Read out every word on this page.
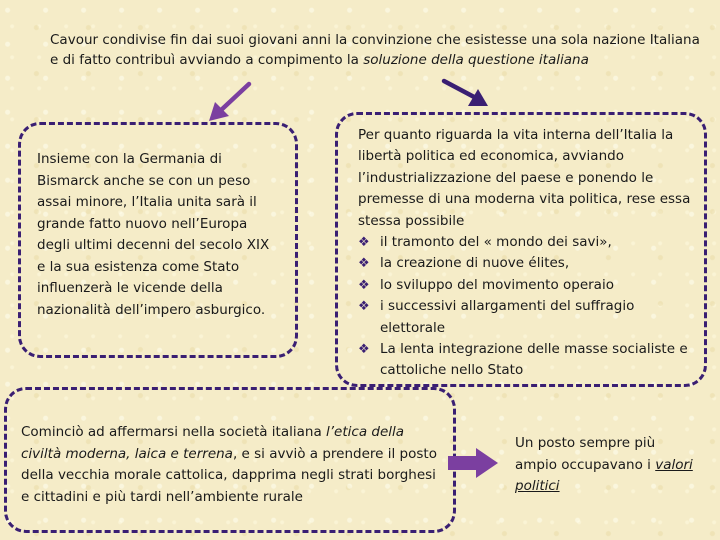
Cavour condivise fin dai suoi giovani anni la convinzione che esistesse una sola nazione Italiana e di fatto contribuì avviando a compimento la soluzione della questione italiana

Insieme con la Germania di Bismarck anche se con un peso assai minore, l’Italia unita sarà il grande fatto nuovo nell’Europa degli ultimi decenni del secolo XIX e la sua esistenza come Stato influenzerà le vicende della nazionalità dell’impero asburgico.

Per quanto riguarda la vita interna dell’Italia la libertà politica ed economica, avviando l’industrializzazione del paese e ponendo le premesse di una moderna vita politica, rese essa stessa possibile

❖ il tramonto del « mondo dei savi»,
❖ la creazione di nuove élites,
❖ lo sviluppo del movimento operaio
❖ i successivi allargamenti del suffragio elettorale
❖ La lenta integrazione delle masse socialiste e cattoliche nello Stato

Cominciò ad affermarsi nella società italiana l’etica della civiltà moderna, laica e terrena, e si avviò a prendere il posto della vecchia morale cattolica, dapprima negli strati borghesi e cittadini e più tardi nell’ambiente rurale

Un posto sempre più ampio occupavano i valori politici
